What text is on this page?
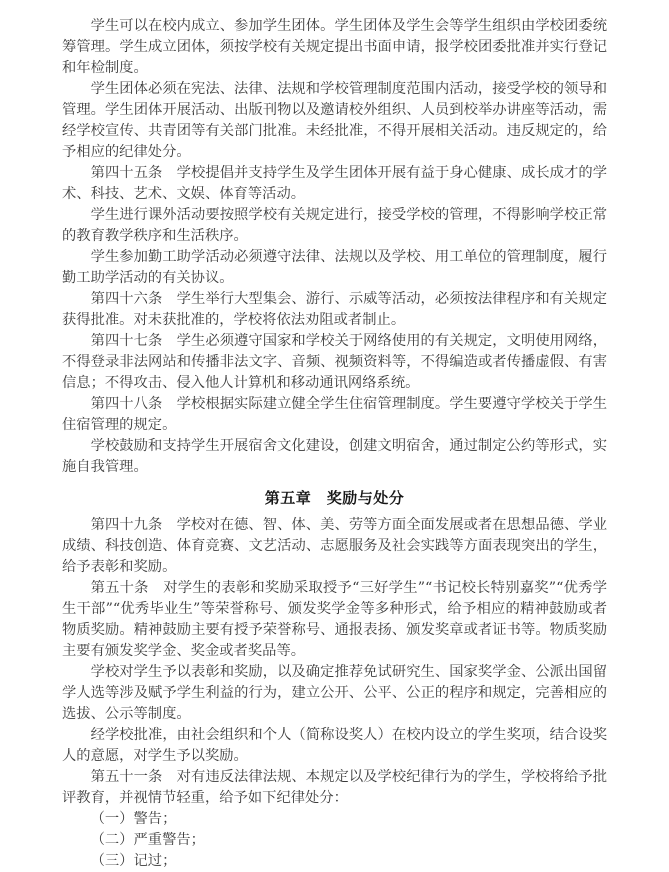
学生可以在校内成立、参加学生团体。学生团体及学生会等学生组织由学校团委统筹管理。学生成立团体，须按学校有关规定提出书面申请，报学校团委批准并实行登记和年检制度。

学生团体必须在宪法、法律、法规和学校管理制度范围内活动，接受学校的领导和管理。学生团体开展活动、出版刊物以及邀请校外组织、人员到校举办讲座等活动，需经学校宣传、共青团等有关部门批准。未经批准，不得开展相关活动。违反规定的，给予相应的纪律处分。

第四十五条　学校提倡并支持学生及学生团体开展有益于身心健康、成长成才的学术、科技、艺术、文娱、体育等活动。

学生进行课外活动要按照学校有关规定进行，接受学校的管理，不得影响学校正常的教育教学秩序和生活秩序。

学生参加勤工助学活动必须遵守法律、法规以及学校、用工单位的管理制度，履行勤工助学活动的有关协议。

第四十六条　学生举行大型集会、游行、示威等活动，必须按法律程序和有关规定获得批准。对未获批准的，学校将依法劝阻或者制止。

第四十七条　学生必须遵守国家和学校关于网络使用的有关规定，文明使用网络，不得登录非法网站和传播非法文字、音频、视频资料等，不得编造或者传播虚假、有害信息；不得攻击、侵入他人计算机和移动通讯网络系统。

第四十八条　学校根据实际建立健全学生住宿管理制度。学生要遵守学校关于学生住宿管理的规定。

学校鼓励和支持学生开展宿舍文化建设，创建文明宿舍，通过制定公约等形式，实施自我管理。

第五章　奖励与处分

第四十九条　学校对在德、智、体、美、劳等方面全面发展或者在思想品德、学业成绩、科技创造、体育竞赛、文艺活动、志愿服务及社会实践等方面表现突出的学生，给予表彰和奖励。

第五十条　对学生的表彰和奖励采取授予“三好学生”“书记校长特别嘉奖”“优秀学生干部”“优秀毕业生”等荣誉称号、颁发奖学金等多种形式，给予相应的精神鼓励或者物质奖励。精神鼓励主要有授予荣誉称号、通报表扬、颁发奖章或者证书等。物质奖励主要有颁发奖学金、奖金或者奖品等。

学校对学生予以表彰和奖励，以及确定推荐免试研究生、国家奖学金、公派出国留学人选等涉及赋予学生利益的行为，建立公开、公平、公正的程序和规定，完善相应的选拔、公示等制度。

经学校批准，由社会组织和个人（简称设奖人）在校内设立的学生奖项，结合设奖人的意愿，对学生予以奖励。

第五十一条　对有违反法律法规、本规定以及学校纪律行为的学生，学校将给予批评教育，并视情节轻重，给予如下纪律处分：

（一）警告；

（二）严重警告；

（三）记过；
